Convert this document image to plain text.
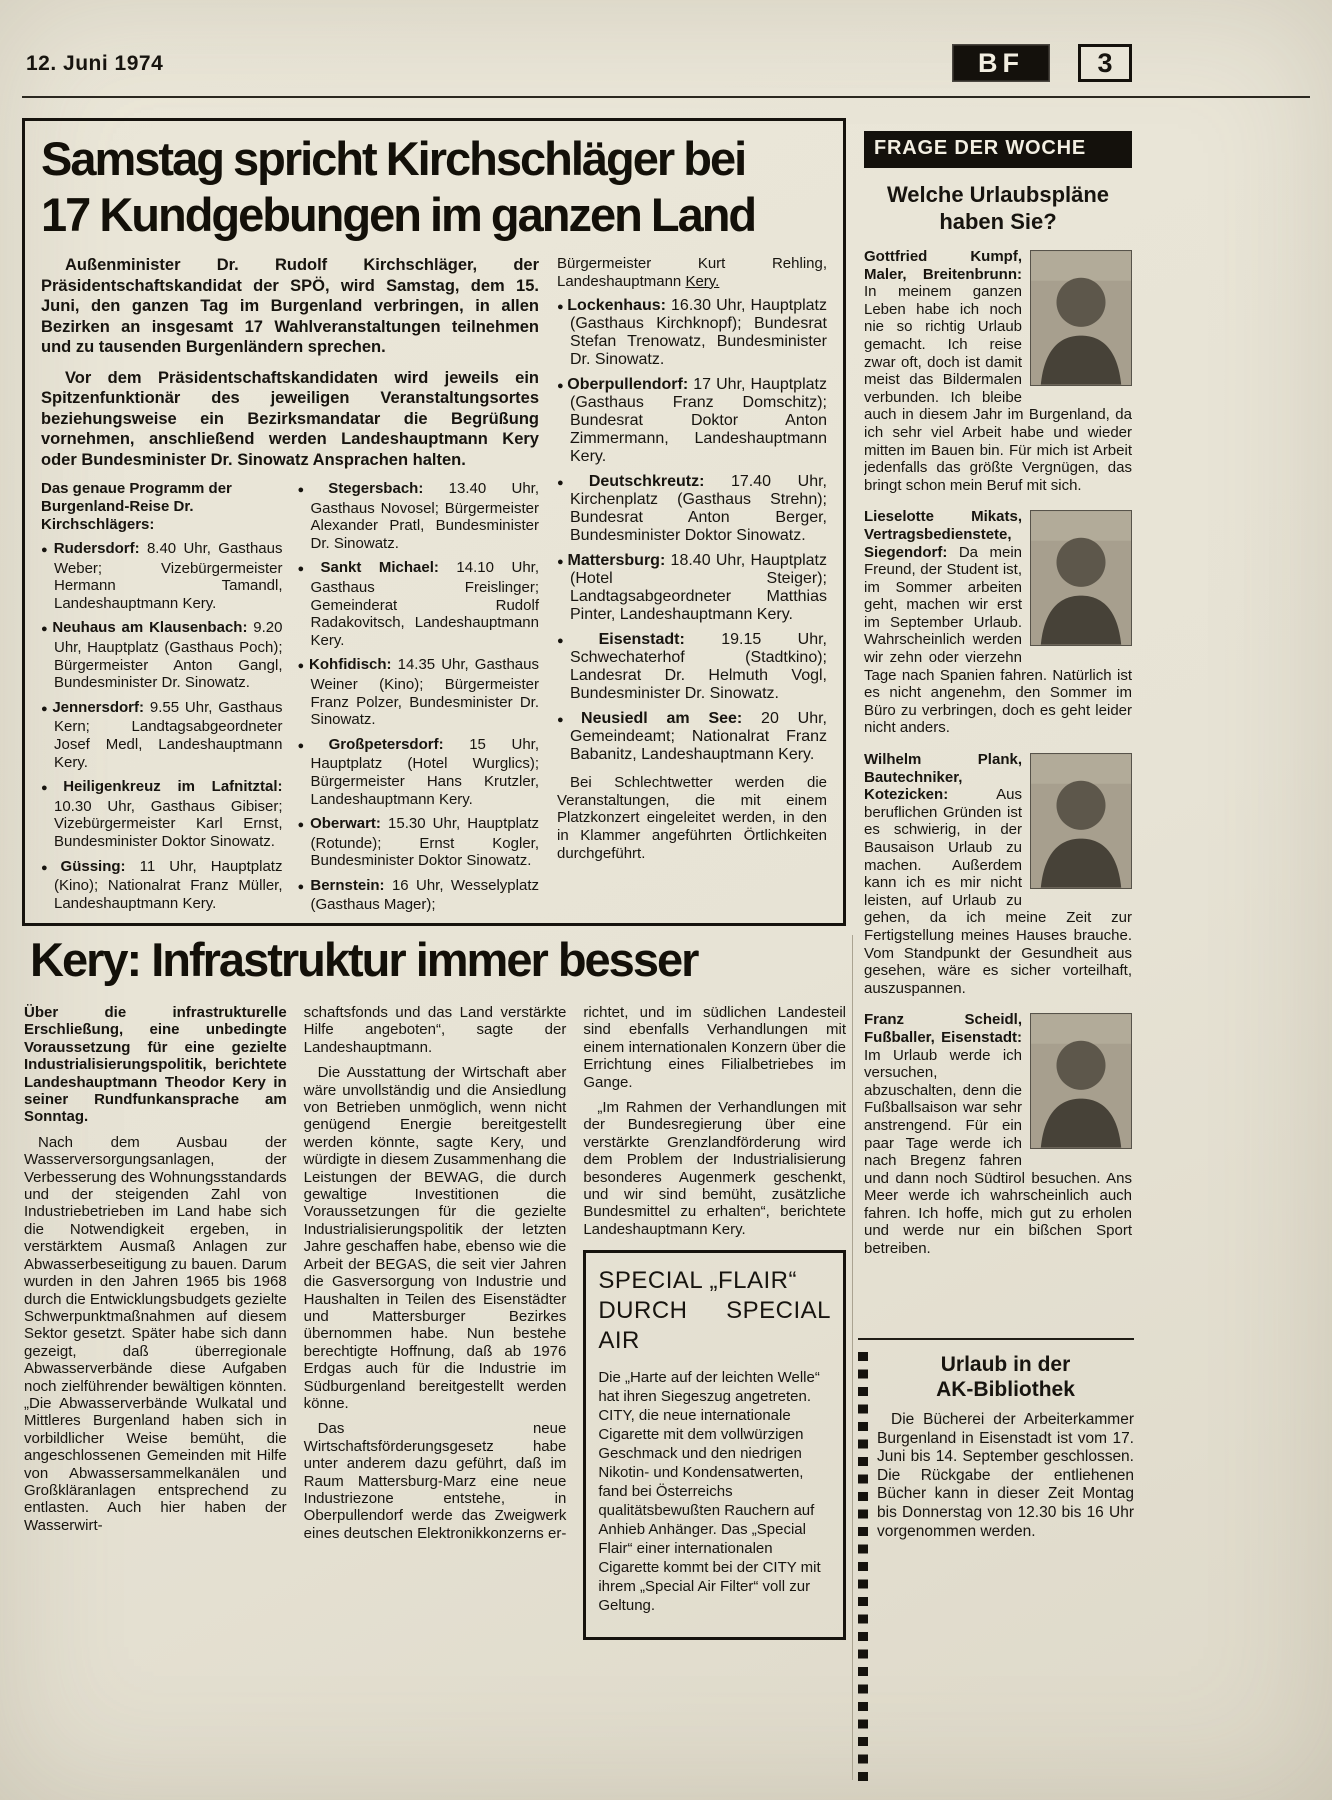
12. Juni 1974	BF	3
Samstag spricht Kirchschläger bei
17 Kundgebungen im ganzen Land

Außenminister Dr. Rudolf Kirchschläger, der Präsidentschaftskandidat der SPÖ, wird Samstag, dem 15. Juni, den ganzen Tag im Burgenland verbringen, in allen Bezirken an insgesamt 17 Wahlveranstaltungen teilnehmen und zu tausenden Burgenländern sprechen.

Vor dem Präsidentschaftskandidaten wird jeweils ein Spitzenfunktionär des jeweiligen Veranstaltungsortes beziehungsweise ein Bezirksmandatar die Begrüßung vornehmen, anschließend werden Landeshauptmann Kery oder Bundesminister Dr. Sinowatz Ansprachen halten.

Das genaue Programm der Burgenland-Reise Dr. Kirchschlägers:

● Rudersdorf: 8.40 Uhr, Gasthaus Weber; Vizebürgermeister Hermann Tamandl, Landeshauptmann Kery.
● Neuhaus am Klausenbach: 9.20 Uhr, Hauptplatz (Gasthaus Poch); Bürgermeister Anton Gangl, Bundesminister Dr. Sinowatz.
● Jennersdorf: 9.55 Uhr, Gasthaus Kern; Landtagsabgeordneter Josef Medl, Landeshauptmann Kery.
● Heiligenkreuz im Lafnitztal: 10.30 Uhr, Gasthaus Gibiser; Vizebürgermeister Karl Ernst, Bundesminister Doktor Sinowatz.
● Güssing: 11 Uhr, Hauptplatz (Kino); Nationalrat Franz Müller, Landeshauptmann Kery.
● Stegersbach: 13.40 Uhr, Gasthaus Novosel; Bürgermeister Alexander Pratl, Bundesminister Dr. Sinowatz.
● Sankt Michael: 14.10 Uhr, Gasthaus Freislinger; Gemeinderat Rudolf Radakovitsch, Landeshauptmann Kery.
● Kohfidisch: 14.35 Uhr, Gasthaus Weiner (Kino); Bürgermeister Franz Polzer, Bundesminister Dr. Sinowatz.
● Großpetersdorf: 15 Uhr, Hauptplatz (Hotel Wurglics); Bürgermeister Hans Krutzler, Landeshauptmann Kery.
● Oberwart: 15.30 Uhr, Hauptplatz (Rotunde); Ernst Kogler, Bundesminister Doktor Sinowatz.
● Bernstein: 16 Uhr, Wesselyplatz (Gasthaus Mager);

Bürgermeister Kurt Rehling, Landeshauptmann Kery.

● Lockenhaus: 16.30 Uhr, Hauptplatz (Gasthaus Kirchknopf); Bundesrat Stefan Trenowatz, Bundesminister Dr. Sinowatz.
● Oberpullendorf: 17 Uhr, Hauptplatz (Gasthaus Franz Domschitz); Bundesrat Doktor Anton Zimmermann, Landeshauptmann Kery.
● Deutschkreutz: 17.40 Uhr, Kirchenplatz (Gasthaus Strehn); Bundesrat Anton Berger, Bundesminister Doktor Sinowatz.
● Mattersburg: 18.40 Uhr, Hauptplatz (Hotel Steiger); Landtagsabgeordneter Matthias Pinter, Landeshauptmann Kery.
● Eisenstadt: 19.15 Uhr, Schwechaterhof (Stadtkino); Landesrat Dr. Helmuth Vogl, Bundesminister Dr. Sinowatz.
● Neusiedl am See: 20 Uhr, Gemeindeamt; Nationalrat Franz Babanitz, Landeshauptmann Kery.

Bei Schlechtwetter werden die Veranstaltungen, die mit einem Platzkonzert eingeleitet werden, in den in Klammer angeführten Örtlichkeiten durchgeführt.

Kery: Infrastruktur immer besser

Über die infrastrukturelle Erschließung, eine unbedingte Voraussetzung für eine gezielte Industrialisierungspolitik, berichtete Landeshauptmann Theodor Kery in seiner Rundfunkansprache am Sonntag.

Nach dem Ausbau der Wasserversorgungsanlagen, der Verbesserung des Wohnungsstandards und der steigenden Zahl von Industriebetrieben im Land habe sich die Notwendigkeit ergeben, in verstärktem Ausmaß Anlagen zur Abwasserbeseitigung zu bauen. Darum wurden in den Jahren 1965 bis 1968 durch die Entwicklungsbudgets gezielte Schwerpunktmaßnahmen auf diesem Sektor gesetzt. Später habe sich dann gezeigt, daß überregionale Abwasserverbände diese Aufgaben noch zielführender bewältigen könnten. „Die Abwasserverbände Wulkatal und Mittleres Burgenland haben sich in vorbildlicher Weise bemüht, die angeschlossenen Gemeinden mit Hilfe von Abwassersammelkanälen und Großkläranlagen entsprechend zu entlasten. Auch hier haben der Wasserwirt-

schaftsfonds und das Land verstärkte Hilfe angeboten“, sagte der Landeshauptmann.

Die Ausstattung der Wirtschaft aber wäre unvollständig und die Ansiedlung von Betrieben unmöglich, wenn nicht genügend Energie bereitgestellt werden könnte, sagte Kery, und würdigte in diesem Zusammenhang die Leistungen der BEWAG, die durch gewaltige Investitionen die Voraussetzungen für die gezielte Industrialisierungspolitik der letzten Jahre geschaffen habe, ebenso wie die Arbeit der BEGAS, die seit vier Jahren die Gasversorgung von Industrie und Haushalten in Teilen des Eisenstädter und Mattersburger Bezirkes übernommen habe. Nun bestehe berechtigte Hoffnung, daß ab 1976 Erdgas auch für die Industrie im Südburgenland bereitgestellt werden könne.

Das neue Wirtschaftsförderungsgesetz habe unter anderem dazu geführt, daß im Raum Mattersburg-Marz eine neue Industriezone entstehe, in Oberpullendorf werde das Zweigwerk eines deutschen Elektronikkonzerns er-

richtet, und im südlichen Landesteil sind ebenfalls Verhandlungen mit einem internationalen Konzern über die Errichtung eines Filialbetriebes im Gange.

„Im Rahmen der Verhandlungen mit der Bundesregierung über eine verstärkte Grenzlandförderung wird dem Problem der Industrialisierung besonderes Augenmerk geschenkt, und wir sind bemüht, zusätzliche Bundesmittel zu erhalten“, berichtete Landeshauptmann Kery.

SPECIAL „FLAIR“
DURCH SPECIAL AIR

Die „Harte auf der leichten Welle“ hat ihren Siegeszug angetreten. CITY, die neue internationale Cigarette mit dem vollwürzigen Geschmack und den niedrigen Nikotin- und Kondensatwerten, fand bei Österreichs qualitätsbewußten Rauchern auf Anhieb Anhänger. Das „Special Flair“ einer internationalen Cigarette kommt bei der CITY mit ihrem „Special Air Filter“ voll zur Geltung.

FRAGE DER WOCHE
Welche Urlaubspläne haben Sie?
Gottfried Kumpf, Maler, Breitenbrunn: In meinem ganzen Leben habe ich noch nie so richtig Urlaub gemacht. Ich reise zwar oft, doch ist damit meist das Bildermalen verbunden. Ich bleibe auch in diesem Jahr im Burgenland, da ich sehr viel Arbeit habe und wieder mitten im Bauen bin. Für mich ist Arbeit jedenfalls das größte Vergnügen, das bringt schon mein Beruf mit sich.
Lieselotte Mikats, Vertragsbedienstete, Siegendorf: Da mein Freund, der Student ist, im Sommer arbeiten geht, machen wir erst im September Urlaub. Wahrscheinlich werden wir zehn oder vierzehn Tage nach Spanien fahren. Natürlich ist es nicht angenehm, den Sommer im Büro zu verbringen, doch es geht leider nicht anders.
Wilhelm Plank, Bautechniker, Kotezicken:	Aus beruflichen Gründen ist es schwierig, in der Bausaison Urlaub zu machen. Außerdem kann ich es mir nicht leisten, auf Urlaub zu gehen, da ich meine Zeit zur Fertigstellung meines Hauses brauche. Vom Standpunkt der Gesundheit aus gesehen, wäre es sicher vorteilhaft, auszuspannen.
Franz Scheidl, Fußballer, Eisenstadt: Im Urlaub werde ich versuchen, abzuschalten, denn die Fußballsaison war sehr anstrengend. Für ein paar Tage werde ich nach Bregenz fahren und dann noch Südtirol besuchen. Ans Meer werde ich wahrscheinlich auch fahren. Ich hoffe, mich gut zu erholen und werde nur ein bißchen Sport betreiben.
Urlaub in der
AK-Bibliothek

Die Bücherei der Arbeiterkammer Burgenland in Eisenstadt ist vom 17. Juni bis 14. September geschlossen. Die Rückgabe der entliehenen Bücher kann in dieser Zeit Montag bis Donnerstag von 12.30 bis 16 Uhr vorgenommen werden.
